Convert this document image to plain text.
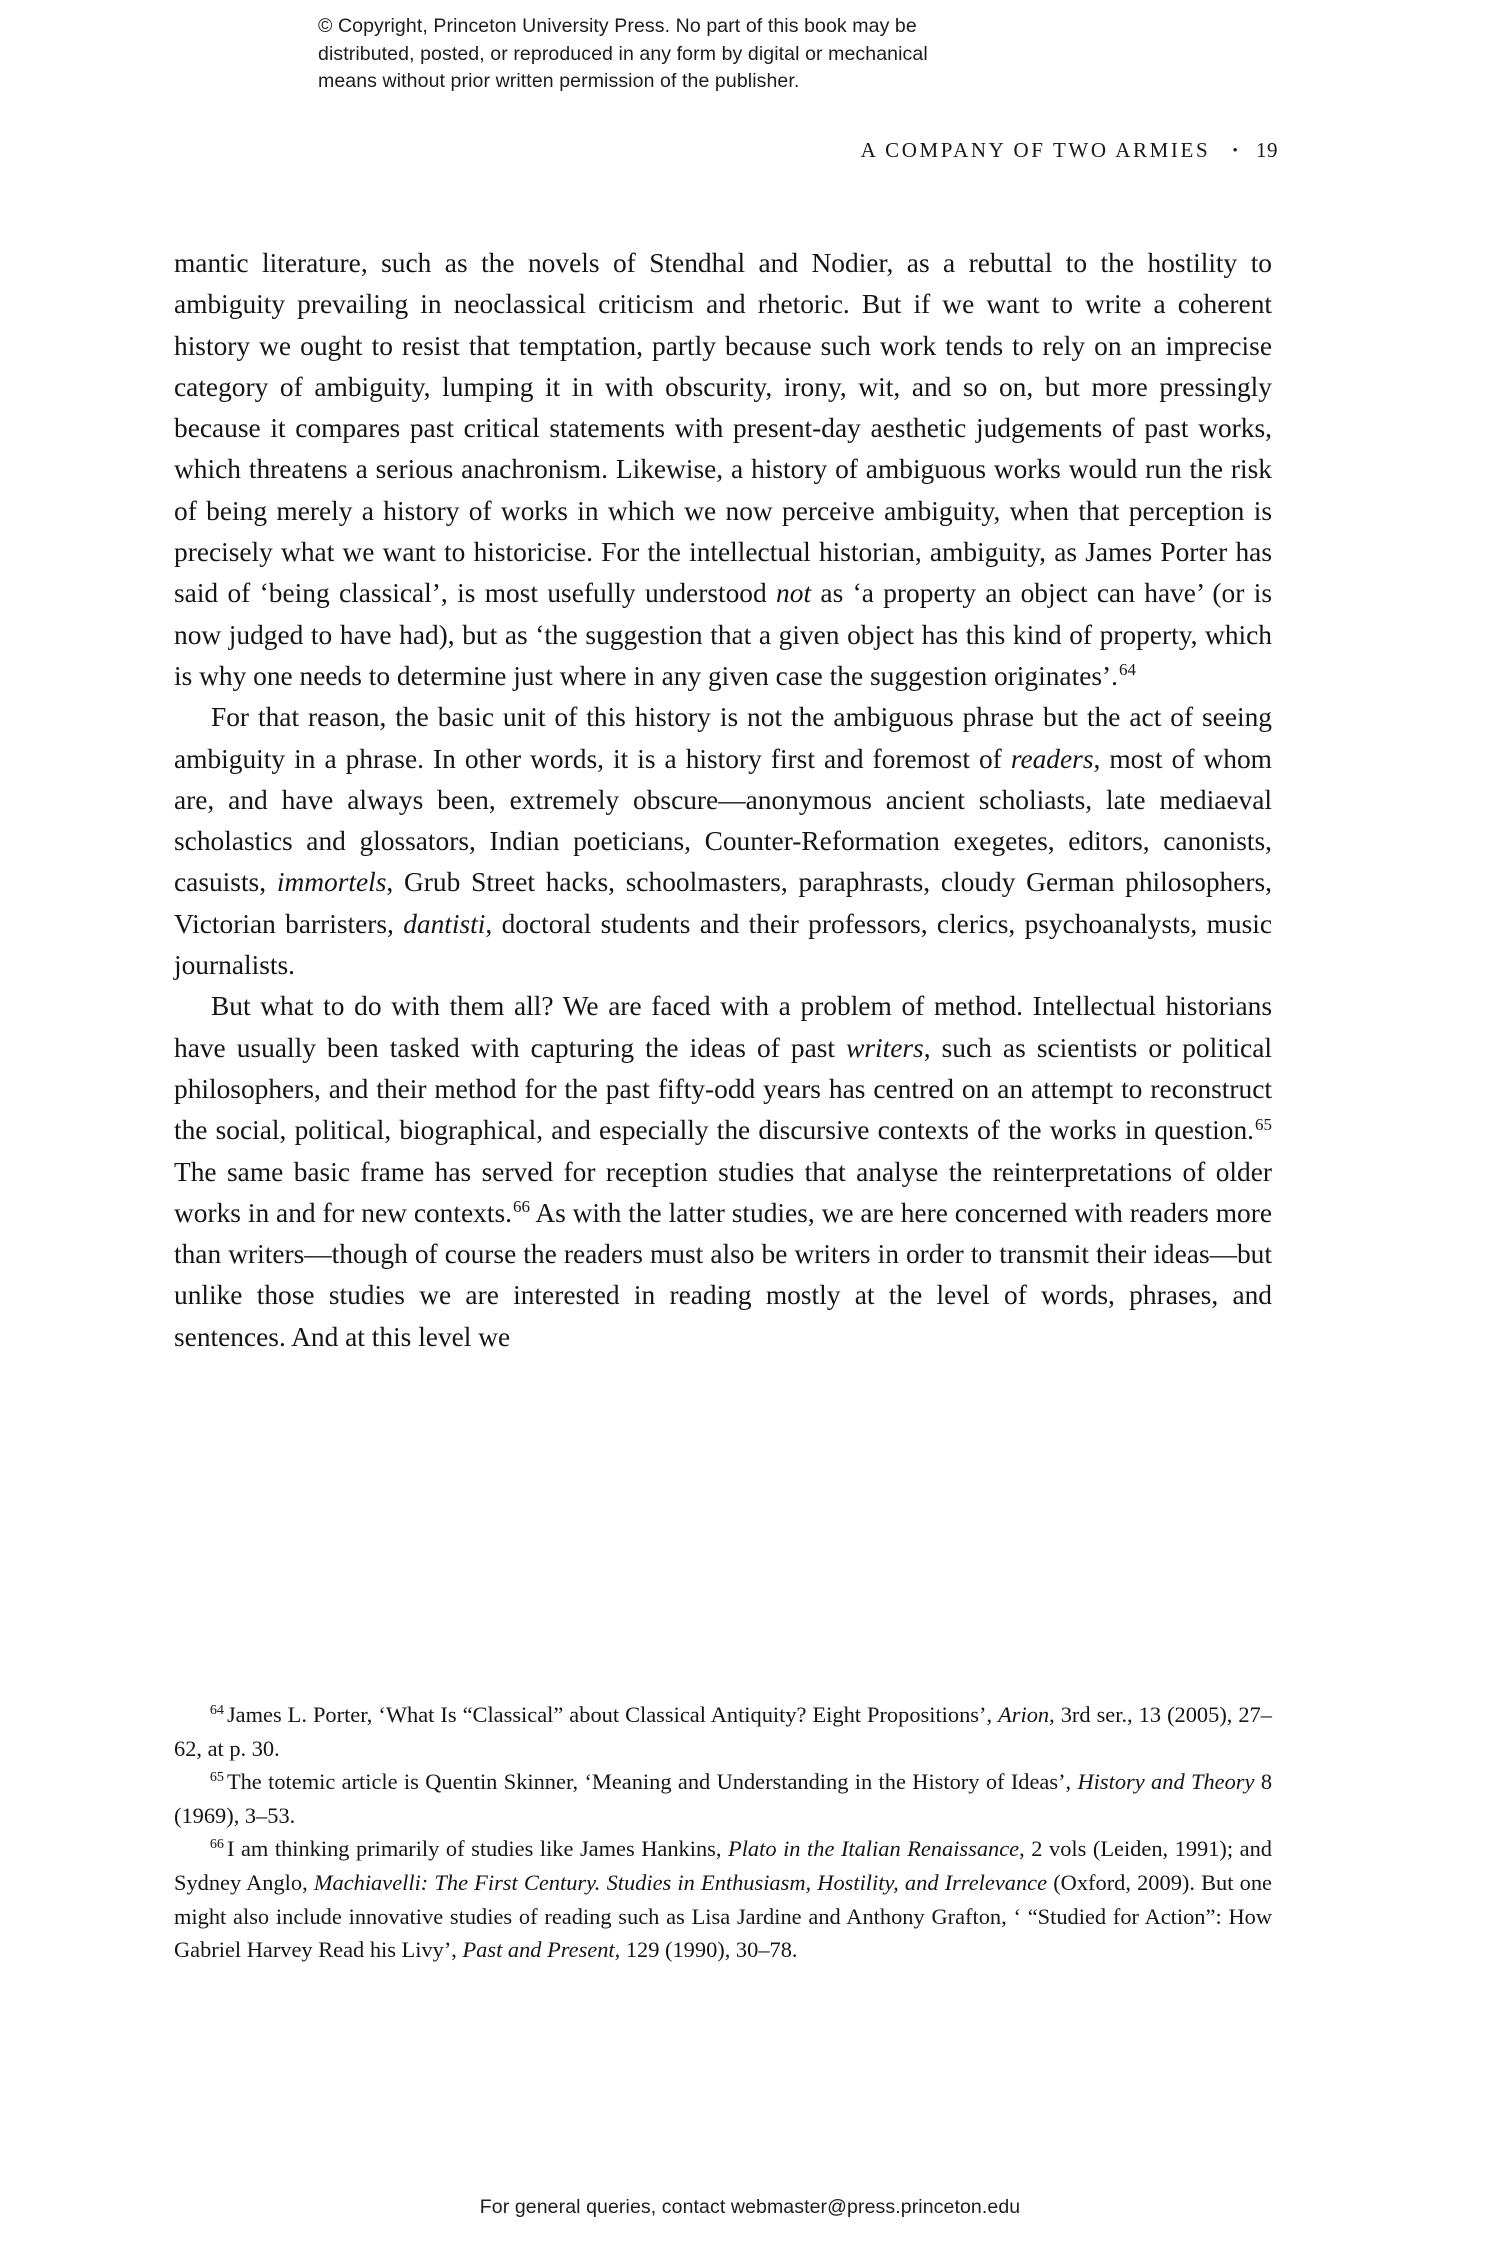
© Copyright, Princeton University Press. No part of this book may be
distributed, posted, or reproduced in any form by digital or mechanical
means without prior written permission of the publisher.
A COMPANY OF TWO ARMIES • 19

mantic literature, such as the novels of Stendhal and Nodier, as a rebuttal to the hostility to ambiguity prevailing in neoclassical criticism and rhetoric. But if we want to write a coherent history we ought to resist that temptation, partly because such work tends to rely on an imprecise category of ambiguity, lumping it in with obscurity, irony, wit, and so on, but more pressingly because it compares past critical statements with present-day aesthetic judgements of past works, which threatens a serious anachronism. Likewise, a history of ambiguous works would run the risk of being merely a history of works in which we now perceive ambiguity, when that perception is precisely what we want to historicise. For the intellectual historian, ambiguity, as James Porter has said of ‘being classical’, is most usefully understood not as ‘a property an object can have’ (or is now judged to have had), but as ‘the suggestion that a given object has this kind of property, which is why one needs to determine just where in any given case the suggestion originates’.$^{64}$

For that reason, the basic unit of this history is not the ambiguous phrase but the act of seeing ambiguity in a phrase. In other words, it is a history first and foremost of readers, most of whom are, and have always been, extremely obscure—anonymous ancient scholiasts, late mediaeval scholastics and glossators, Indian poeticians, Counter-Reformation exegetes, editors, canonists, casuists, immortels, Grub Street hacks, schoolmasters, paraphrasts, cloudy German philosophers, Victorian barristers, dantisti, doctoral students and their professors, clerics, psychoanalysts, music journalists.

But what to do with them all? We are faced with a problem of method. Intellectual historians have usually been tasked with capturing the ideas of past writers, such as scientists or political philosophers, and their method for the past fifty-odd years has centred on an attempt to reconstruct the social, political, biographical, and especially the discursive contexts of the works in question.$^{65}$ The same basic frame has served for reception studies that analyse the reinterpretations of older works in and for new contexts.$^{66}$ As with the latter studies, we are here concerned with readers more than writers—though of course the readers must also be writers in order to transmit their ideas—but unlike those studies we are interested in reading mostly at the level of words, phrases, and sentences. And at this level we

$^{64}$ James L. Porter, ‘What Is “Classical” about Classical Antiquity? Eight Propositions’, Arion, 3rd ser., 13 (2005), 27–62, at p. 30.

$^{65}$ The totemic article is Quentin Skinner, ‘Meaning and Understanding in the History of Ideas’, History and Theory 8 (1969), 3–53.

$^{66}$ I am thinking primarily of studies like James Hankins, Plato in the Italian Renaissance, 2 vols (Leiden, 1991); and Sydney Anglo, Machiavelli: The First Century. Studies in Enthusiasm, Hostility, and Irrelevance (Oxford, 2009). But one might also include innovative studies of reading such as Lisa Jardine and Anthony Grafton, ‘ “Studied for Action”: How Gabriel Harvey Read his Livy’, Past and Present, 129 (1990), 30–78.

For general queries, contact webmaster@press.princeton.edu
